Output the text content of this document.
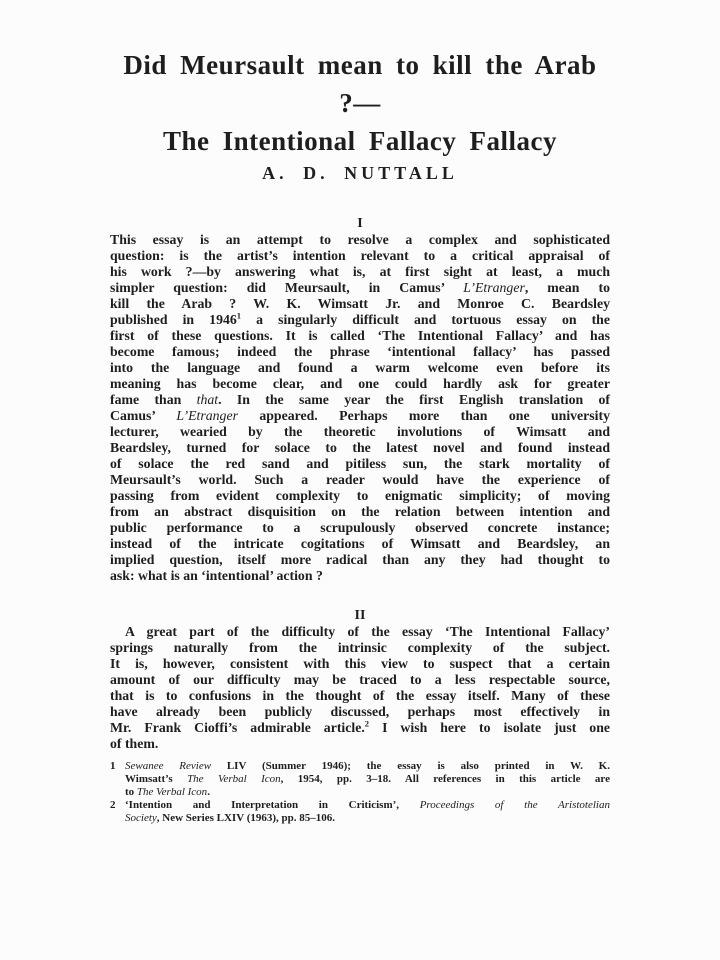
Did Meursault mean to kill the Arab ?—
The Intentional Fallacy Fallacy
A. D. NUTTALL
I
This essay is an attempt to resolve a complex and sophisticated
question: is the artist’s intention relevant to a critical appraisal of
his work ?—by answering what is, at first sight at least, a much
simpler question: did Meursault, in Camus’ L’Etranger, mean to
kill the Arab ? W. K. Wimsatt Jr. and Monroe C. Beardsley
published in 1946$^1$ a singularly difficult and tortuous essay on the
first of these questions. It is called ‘The Intentional Fallacy’ and has
become famous; indeed the phrase ‘intentional fallacy’ has passed
into the language and found a warm welcome even before its
meaning has become clear, and one could hardly ask for greater
fame than that. In the same year the first English translation of
Camus’ L’Etranger appeared. Perhaps more than one university
lecturer, wearied by the theoretic involutions of Wimsatt and
Beardsley, turned for solace to the latest novel and found instead
of solace the red sand and pitiless sun, the stark mortality of
Meursault’s world. Such a reader would have the experience of
passing from evident complexity to enigmatic simplicity; of moving
from an abstract disquisition on the relation between intention and
public performance to a scrupulously observed concrete instance;
instead of the intricate cogitations of Wimsatt and Beardsley, an
implied question, itself more radical than any they had thought to
ask: what is an ‘intentional’ action ?
II
A great part of the difficulty of the essay ‘The Intentional Fallacy’
springs naturally from the intrinsic complexity of the subject.
It is, however, consistent with this view to suspect that a certain
amount of our difficulty may be traced to a less respectable source,
that is to confusions in the thought of the essay itself. Many of these
have already been publicly discussed, perhaps most effectively in
Mr. Frank Cioffi’s admirable article.$^2$ I wish here to isolate just one
of them.
1 Sewanee Review LIV (Summer 1946); the essay is also printed in W. K.
Wimsatt’s The Verbal Icon, 1954, pp. 3–18. All references in this article are
to The Verbal Icon.
2 ‘Intention and Interpretation in Criticism’, Proceedings of the Aristotelian
Society, New Series LXIV (1963), pp. 85–106.
